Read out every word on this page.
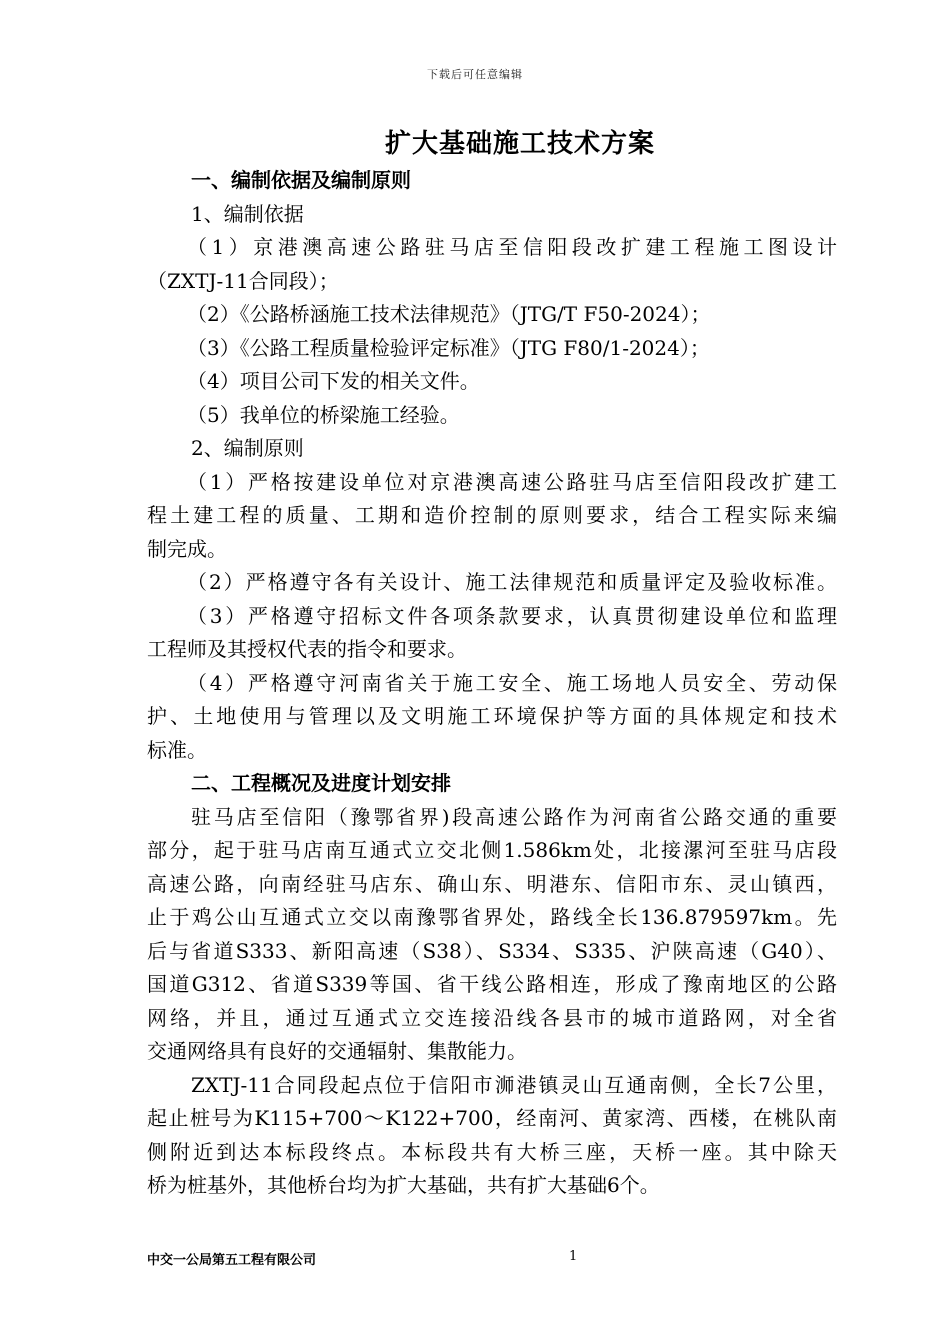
下载后可任意编辑
扩大基础施工技术方案
一、编制依据及编制原则
1、编制依据
（1）京港澳高速公路驻马店至信阳段改扩建工程施工图设计
（ZXTJ-11合同段）；
（2）《公路桥涵施工技术法律规范》（JTG/T F50-2024）；
（3）《公路工程质量检验评定标准》（JTG F80/1-2024）；
（4）项目公司下发的相关文件。
（5）我单位的桥梁施工经验。
2、编制原则
（1）严格按建设单位对京港澳高速公路驻马店至信阳段改扩建工
程土建工程的质量、工期和造价控制的原则要求，结合工程实际来编
制完成。
（2）严格遵守各有关设计、施工法律规范和质量评定及验收标准。
（3）严格遵守招标文件各项条款要求，认真贯彻建设单位和监理
工程师及其授权代表的指令和要求。
（4）严格遵守河南省关于施工安全、施工场地人员安全、劳动保
护、土地使用与管理以及文明施工环境保护等方面的具体规定和技术
标准。
二、工程概况及进度计划安排
驻马店至信阳（豫鄂省界)段高速公路作为河南省公路交通的重要
部分，起于驻马店南互通式立交北侧1.586km处，北接漯河至驻马店段
高速公路，向南经驻马店东、确山东、明港东、信阳市东、灵山镇西，
止于鸡公山互通式立交以南豫鄂省界处，路线全长136.879597km。先
后与省道S333、新阳高速（S38）、S334、S335、沪陕高速（G40）、
国道G312、省道S339等国、省干线公路相连，形成了豫南地区的公路
网络，并且，通过互通式立交连接沿线各县市的城市道路网，对全省
交通网络具有良好的交通辐射、集散能力。
ZXTJ-11合同段起点位于信阳市浉港镇灵山互通南侧，全长7公里，
起止桩号为K115+700～K122+700，经南河、黄家湾、西楼，在桃队南
侧附近到达本标段终点。本标段共有大桥三座，天桥一座。其中除天
桥为桩基外，其他桥台均为扩大基础，共有扩大基础6个。
中交一公局第五工程有限公司	1
